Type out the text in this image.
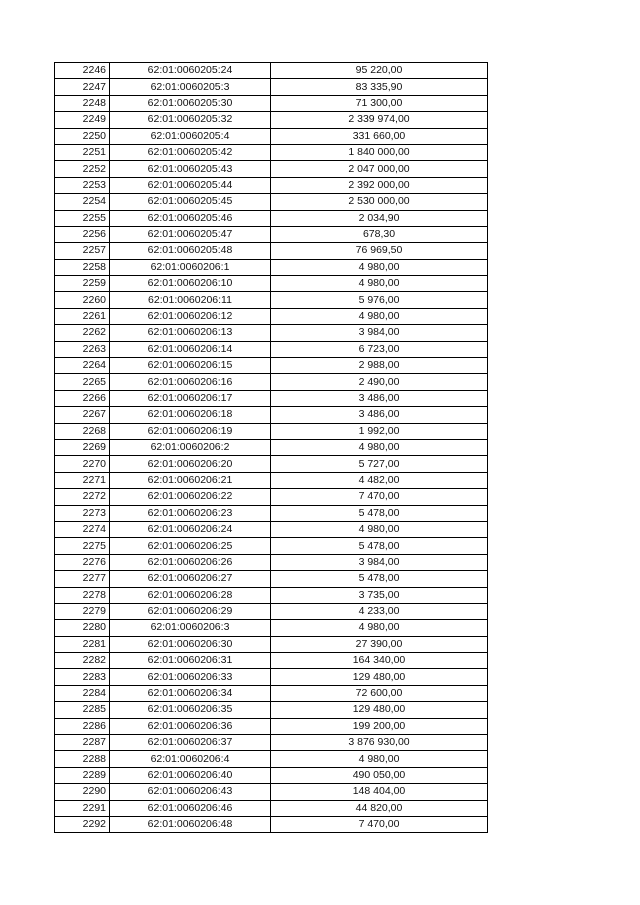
2246	62:01:0060205:24	95 220,00
2247	62:01:0060205:3	83 335,90
2248	62:01:0060205:30	71 300,00
2249	62:01:0060205:32	2 339 974,00
2250	62:01:0060205:4	331 660,00
2251	62:01:0060205:42	1 840 000,00
2252	62:01:0060205:43	2 047 000,00
2253	62:01:0060205:44	2 392 000,00
2254	62:01:0060205:45	2 530 000,00
2255	62:01:0060205:46	2 034,90
2256	62:01:0060205:47	678,30
2257	62:01:0060205:48	76 969,50
2258	62:01:0060206:1	4 980,00
2259	62:01:0060206:10	4 980,00
2260	62:01:0060206:11	5 976,00
2261	62:01:0060206:12	4 980,00
2262	62:01:0060206:13	3 984,00
2263	62:01:0060206:14	6 723,00
2264	62:01:0060206:15	2 988,00
2265	62:01:0060206:16	2 490,00
2266	62:01:0060206:17	3 486,00
2267	62:01:0060206:18	3 486,00
2268	62:01:0060206:19	1 992,00
2269	62:01:0060206:2	4 980,00
2270	62:01:0060206:20	5 727,00
2271	62:01:0060206:21	4 482,00
2272	62:01:0060206:22	7 470,00
2273	62:01:0060206:23	5 478,00
2274	62:01:0060206:24	4 980,00
2275	62:01:0060206:25	5 478,00
2276	62:01:0060206:26	3 984,00
2277	62:01:0060206:27	5 478,00
2278	62:01:0060206:28	3 735,00
2279	62:01:0060206:29	4 233,00
2280	62:01:0060206:3	4 980,00
2281	62:01:0060206:30	27 390,00
2282	62:01:0060206:31	164 340,00
2283	62:01:0060206:33	129 480,00
2284	62:01:0060206:34	72 600,00
2285	62:01:0060206:35	129 480,00
2286	62:01:0060206:36	199 200,00
2287	62:01:0060206:37	3 876 930,00
2288	62:01:0060206:4	4 980,00
2289	62:01:0060206:40	490 050,00
2290	62:01:0060206:43	148 404,00
2291	62:01:0060206:46	44 820,00
2292	62:01:0060206:48	7 470,00
